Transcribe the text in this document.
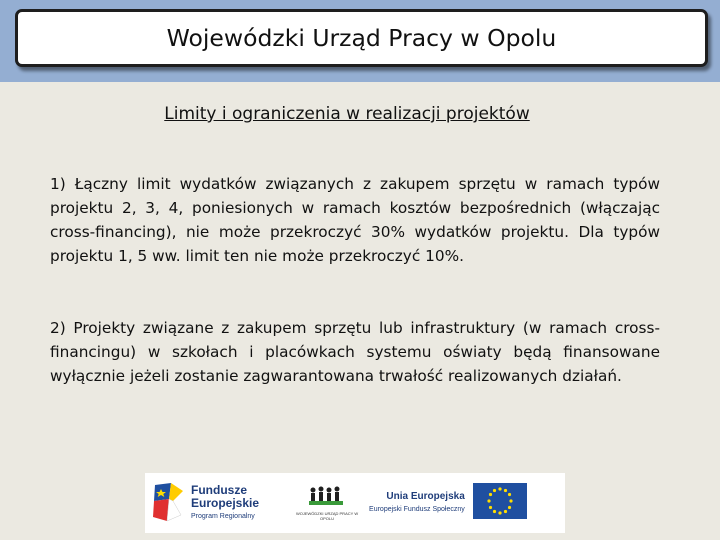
Wojewódzki Urząd Pracy w Opolu
Limity i ograniczenia w realizacji projektów
1) Łączny limit wydatków związanych z zakupem sprzętu w ramach typów projektu 2, 3, 4, poniesionych w ramach kosztów bezpośrednich (włączając cross-financing), nie może przekroczyć 30% wydatków projektu. Dla typów projektu 1, 5 ww. limit ten nie może przekroczyć 10%.
2) Projekty związane z zakupem sprzętu lub infrastruktury (w ramach cross-financingu) w szkołach i placówkach systemu oświaty będą finansowane wyłącznie jeżeli zostanie zagwarantowana trwałość realizowanych działań.
Fundusze
Europejskie
Program Regionalny	WOJEWÓDZKI URZĄD PRACY W OPOLU
Unia Europejska
Europejski Fundusz Społeczny
